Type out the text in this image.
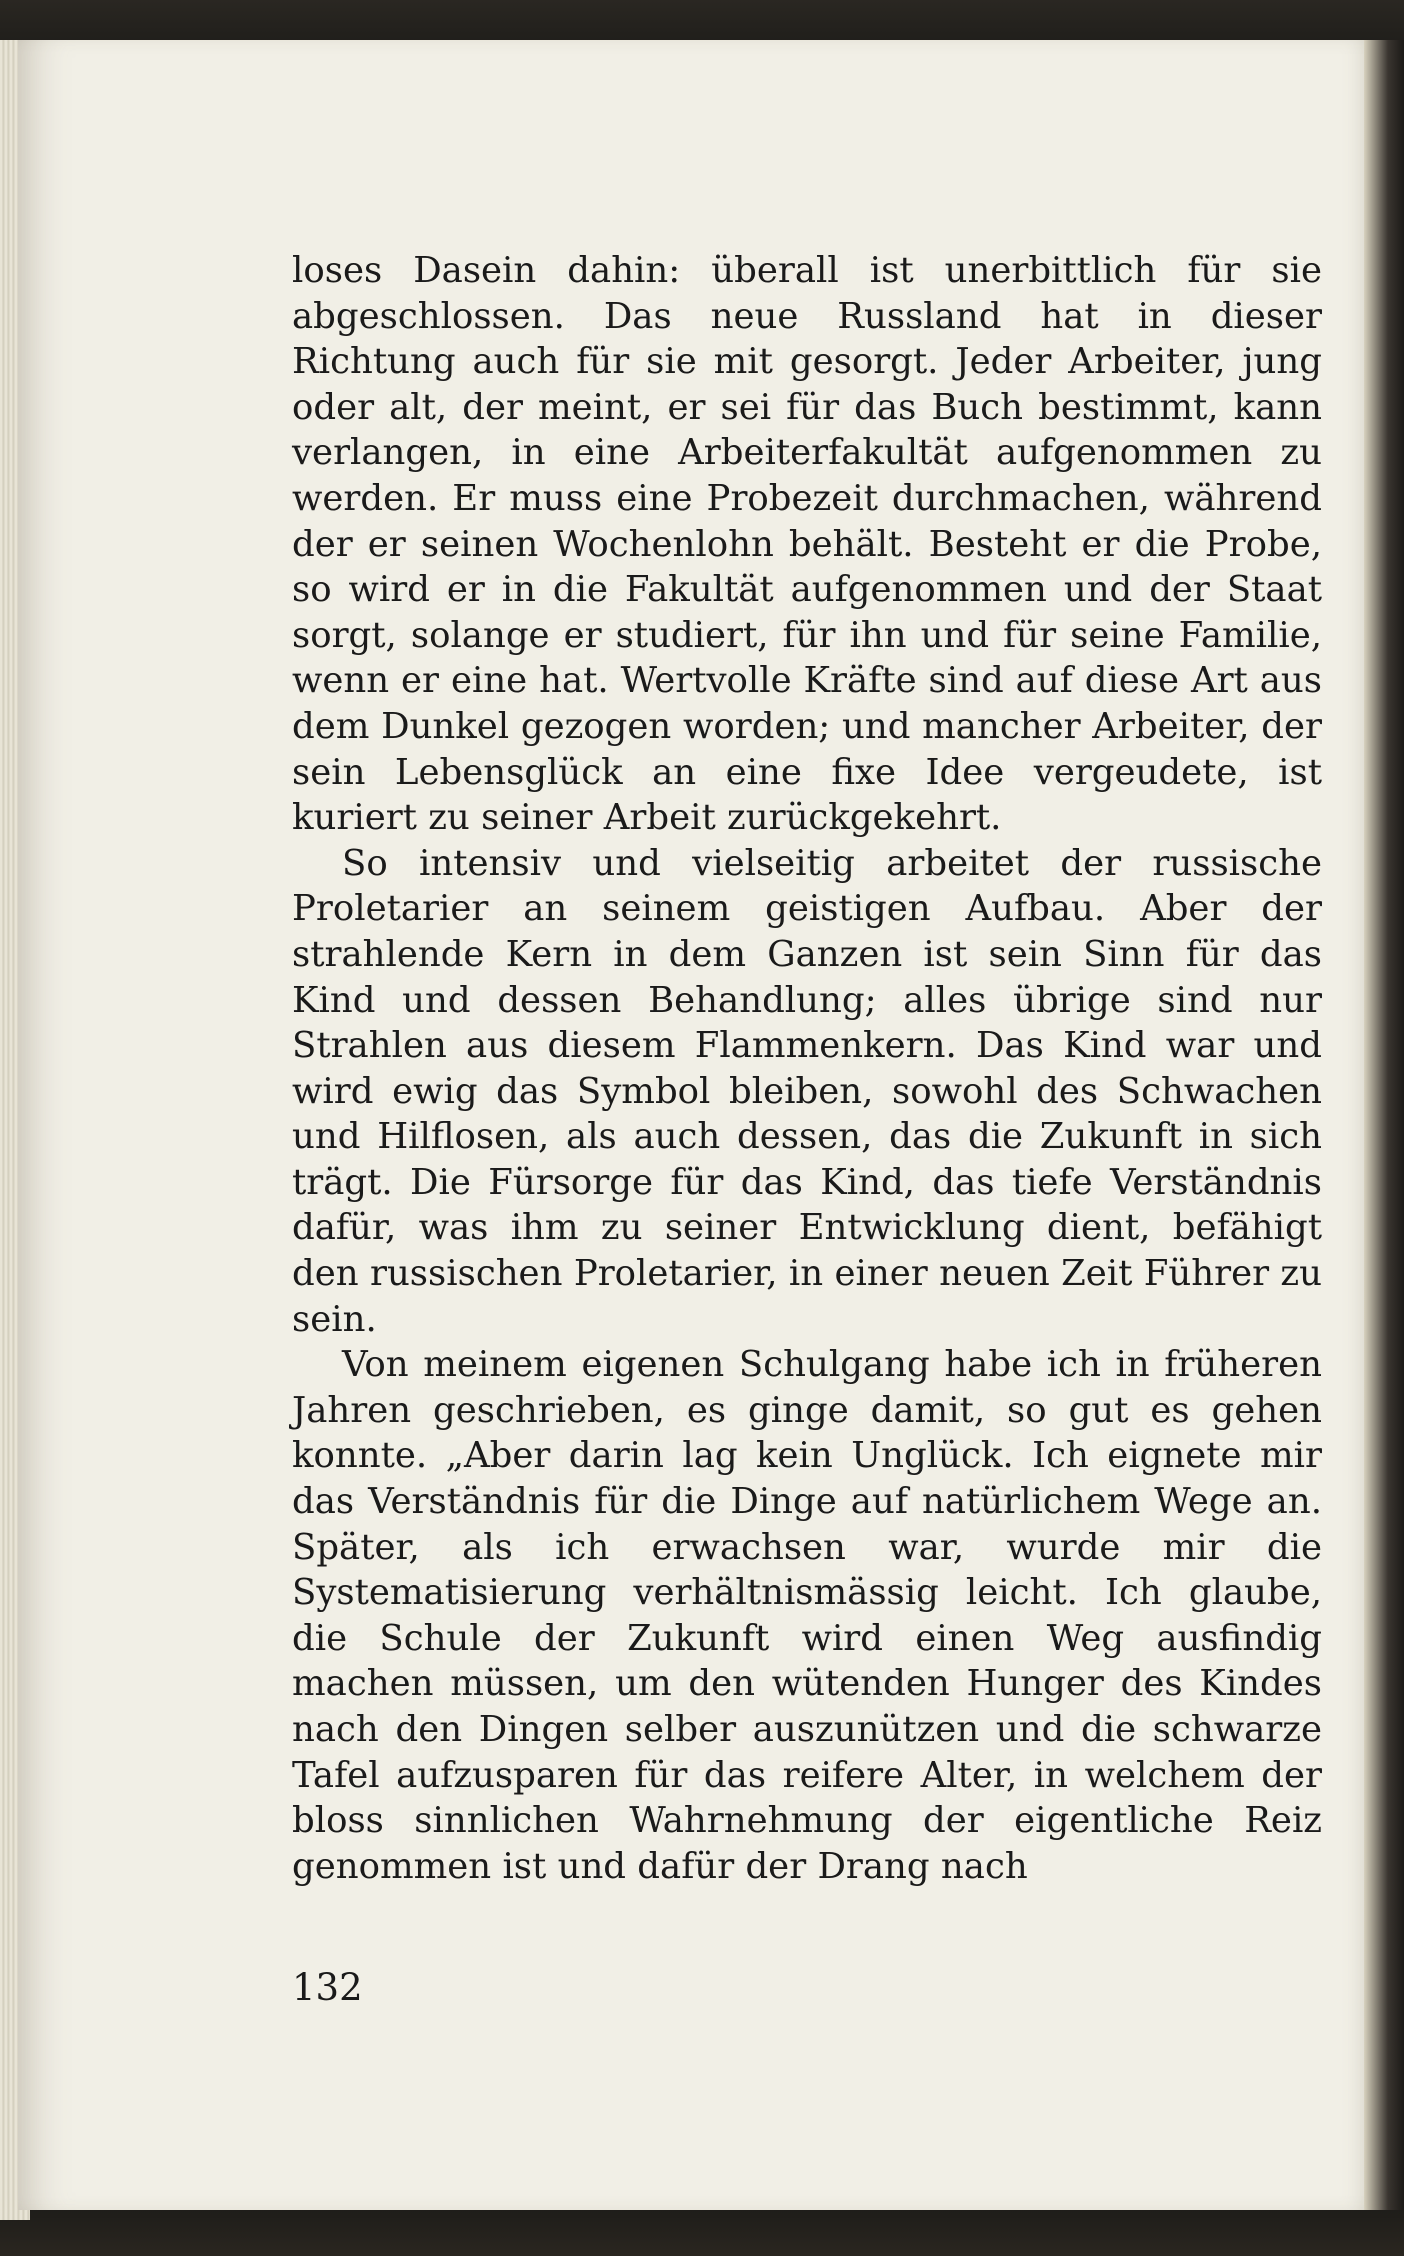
loses Dasein dahin: überall ist unerbittlich für sie abgeschlossen. Das neue Russland hat in dieser Richtung auch für sie mit gesorgt. Jeder Arbeiter, jung oder alt, der meint, er sei für das Buch bestimmt, kann verlangen, in eine Arbeiterfakultät aufgenommen zu werden. Er muss eine Probezeit durchmachen, während der er seinen Wochenlohn behält. Besteht er die Probe, so wird er in die Fakultät aufgenommen und der Staat sorgt, solange er studiert, für ihn und für seine Familie, wenn er eine hat. Wertvolle Kräfte sind auf diese Art aus dem Dunkel gezogen worden; und mancher Arbeiter, der sein Lebensglück an eine fixe Idee vergeudete, ist kuriert zu seiner Arbeit zurückgekehrt.

So intensiv und vielseitig arbeitet der russische Proletarier an seinem geistigen Aufbau. Aber der strahlende Kern in dem Ganzen ist sein Sinn für das Kind und dessen Behandlung; alles übrige sind nur Strahlen aus diesem Flammenkern. Das Kind war und wird ewig das Symbol bleiben, sowohl des Schwachen und Hilflosen, als auch dessen, das die Zukunft in sich trägt. Die Fürsorge für das Kind, das tiefe Verständnis dafür, was ihm zu seiner Entwicklung dient, befähigt den russischen Proletarier, in einer neuen Zeit Führer zu sein.

Von meinem eigenen Schulgang habe ich in früheren Jahren geschrieben, es ginge damit, so gut es gehen konnte. „Aber darin lag kein Unglück. Ich eignete mir das Verständnis für die Dinge auf natürlichem Wege an. Später, als ich erwachsen war, wurde mir die Systematisierung verhältnismässig leicht. Ich glaube, die Schule der Zukunft wird einen Weg ausfindig machen müssen, um den wütenden Hunger des Kindes nach den Dingen selber auszunützen und die schwarze Tafel aufzusparen für das reifere Alter, in welchem der bloss sinnlichen Wahrnehmung der eigentliche Reiz genommen ist und dafür der Drang nach

132
